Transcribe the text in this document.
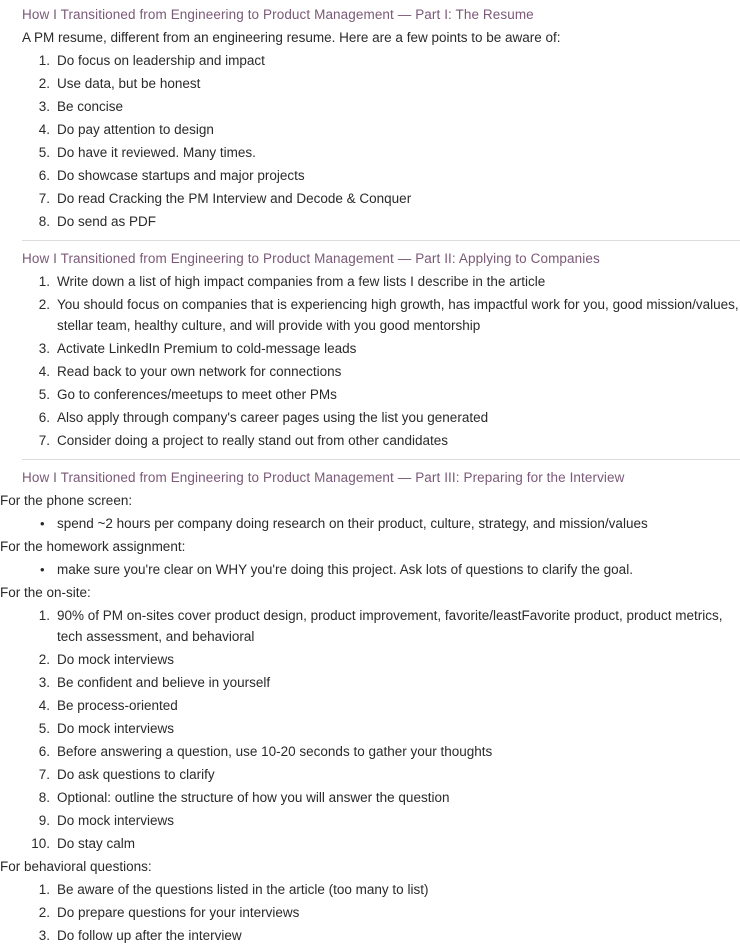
How I Transitioned from Engineering to Product Management — Part I: The Resume

A PM resume, different from an engineering resume. Here are a few points to be aware of:

Do focus on leadership and impact
Use data, but be honest
Be concise
Do pay attention to design
Do have it reviewed. Many times.
Do showcase startups and major projects
Do read Cracking the PM Interview and Decode & Conquer
Do send as PDF
How I Transitioned from Engineering to Product Management — Part II: Applying to Companies
Write down a list of high impact companies from a few lists I describe in the article
You should focus on companies that is experiencing high growth, has impactful work for you, good mission/values, stellar team, healthy culture, and will provide with you good mentorship
Activate LinkedIn Premium to cold-message leads
Read back to your own network for connections
Go to conferences/meetups to meet other PMs
Also apply through company's career pages using the list you generated
Consider doing a project to really stand out from other candidates
How I Transitioned from Engineering to Product Management — Part III: Preparing for the Interview

For the phone screen:

• spend ~2 hours per company doing research on their product, culture, strategy, and mission/values

For the homework assignment:

• make sure you're clear on WHY you're doing this project. Ask lots of questions to clarify the goal.

For the on-site:

90% of PM on-sites cover product design, product improvement, favorite/leastFavorite product, product metrics, tech assessment, and behavioral
Do mock interviews
Be confident and believe in yourself
Be process-oriented
Do mock interviews
Before answering a question, use 10-20 seconds to gather your thoughts
Do ask questions to clarify
Optional: outline the structure of how you will answer the question
Do mock interviews
Do stay calm

For behavioral questions:

Be aware of the questions listed in the article (too many to list)
Do prepare questions for your interviews
Do follow up after the interview
